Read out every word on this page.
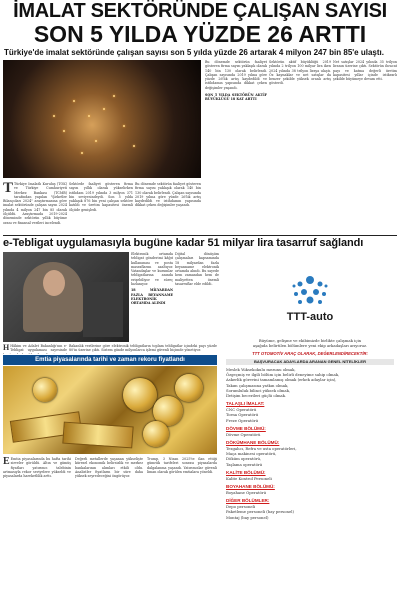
İMALAT SEKTÖRÜNDE ÇALIŞAN SAYISI
SON 5 YILDA YÜZDE 26 ARTTI
Türkiye'de imalat sektöründe çalışan sayısı son 5 yılda yüzde 26 artarak 4 milyon 247 bin 85'e ulaştı.
Bu dönemde sektörün faaliyet gösteren firma sayısı yaklaşık olarak 140 bin 130 olarak belirlendi. Çalışan sayısında 2019 yılına göre yüzde 26'lık artış kaydedildi ve istihdamın yapısında dikkat çeken değişimler yaşandı.
SON 5 YILDA SEKTÖRÜN AKTİF BÜYÜKLÜĞÜ 18 KAT ARTTI
Sektörün aktif büyüklüğü 2019 yılında 2 trilyon 100 milyar lira iken 2024 yılında 38 trilyon liraya ulaştı. Öz kaynaklar ve net satışlar da benzer şekilde yüksek oranlı artış gösterdi.
Net satışlar 2024 yılında 35 trilyon liranın üzerine çıktı. Sektörün ihracat payı ve katma değerli üretim kapasitesi yıllar içinde istikrarlı şekilde büyümeye devam etti.
T Türkiye İmalatlı Kuruluş (TÖK) ve Türkiye Cumhuriyeti Merkez Bankası (TCMB) tarafından yapılan "Şirketler Bilançoları 2024" araştırmasına göre imalat sektöründe çalışan sayısı 2024 yılında 4 milyon 247 bin 85 olarak ölçüldü. Araştırmada 2019-2024 döneminde sektörün yıllık büyüme oranı ve finansal verileri incelendi.
Sektörde faaliyet gösteren firma sayısı yıllık olarak yükselirken istihdam 2019 yılında 3 milyon 371 bin seviyesindeydi. Son 5 yılda yaklaşık 876 bin yeni çalışan sektöre katıldı ve üretim kapasitesi önemli ölçüde genişledi.
Bu dönemde sektörün faaliyet gösteren firma sayısı yaklaşık olarak 140 bin 130 olarak belirlendi. Çalışan sayısında 2019 yılına göre yüzde 26'lık artış kaydedildi ve istihdamın yapısında dikkat çeken değişimler yaşandı.
e-Tebligat uygulamasıyla bugüne kadar 51 milyar lira tasarruf sağlandı
Elektronik ortamda tebligat gönderimi kâğıt kullanımını ve posta masraflarını azaltıyor. Vatandaşlar ve kurumlar tebligatlarına anında erişebiliyor ve süreç hızlanıyor.
18 MİLYARDAN FAZLA BEYANNAME ELEKTRONİK ORTAMDA ALINDI
Dijital dönüşüm çalışmaları kapsamında 18 milyardan fazla beyanname elektronik ortamda alındı. Bu sayede hem zamandan hem de maliyetten önemli tasarruflar elde edildi.
H Hâkim ve Adalet Bakanlığı'nın e-Tebligat uygulaması sayesinde
Bakanlık verilerine göre elektronik tebligatların toplam tebligatlar içindeki payı yüzde 80'in üzerine çıktı. Sistem günde milyonlarca işlemi güvenli biçimde yönetiyor.
TTT-auto
Büyüme, gelişme ve ekibimizde birlikte çalışmak için
aşağıda belirtilen bölümlere yeni ekip arkadaşları arıyoruz.
TTT OTOMOTİV ARAÇ OLARAK, DEĞERLENDİRECEKTİR:
BAŞVURACAK ADAYLARDA ARANAN GENEL NİTELİKLER
Meslek Yüksekokulu mezunu olmak,
Özgeçmiş ve ilgili bölüm için belirli deneyime sahip olmak,
Askerlik görevini tamamlamış olmak (erkek adaylar için),
Takım çalışmasına yatkın olmak,
Sorumluluk bilinci yüksek olmak,
İletişim becerileri güçlü olmak.
TALAŞLI İMALAT:
CNC Operatörü
Torna Operatörü
Freze Operatörü
DÖVME BÖLÜMÜ:
Dövme Operatörü
DÖKÜMHANE BÖLÜMÜ:
Tezgahcı, Refra ve usta operatörleri,
Maça makinesi operatörü,
Döküm operatörü,
Taşlama operatörü
KALİTE BÖLÜMÜ:
Kalite Kontrol Personeli
BOYAHANE BÖLÜMÜ:
Boyahane Operatörü
DİĞER BÖLÜMLER:
Depo personeli
Paketleme personeli (bay personel)
Montaj (bay personel)
Emtia piyasalarında tarihi ve zaman rekoru fiyatlandı
E Emtia piyasalarında bu hafta tarihi zirveler görüldü. Altın ve gümüş fiyatları yatırımcı talebinin artmasıyla rekor seviyelere yükseldi ve piyasalarda hareketlilik arttı.
Değerli metallerde yaşanan yükselişte küresel ekonomik belirsizlik ve merkez bankalarının alımları etkili oldu. Analistler fiyatların bir süre daha yüksek seyredeceğini öngörüyor.
Trump, 3 Nisan 2025'te ilan ettiği gümrük tarifeleri sonrası piyasalarda dalgalanma yaşandı. Yatırımcılar güvenli liman olarak görülen emtialara yöneldi.
